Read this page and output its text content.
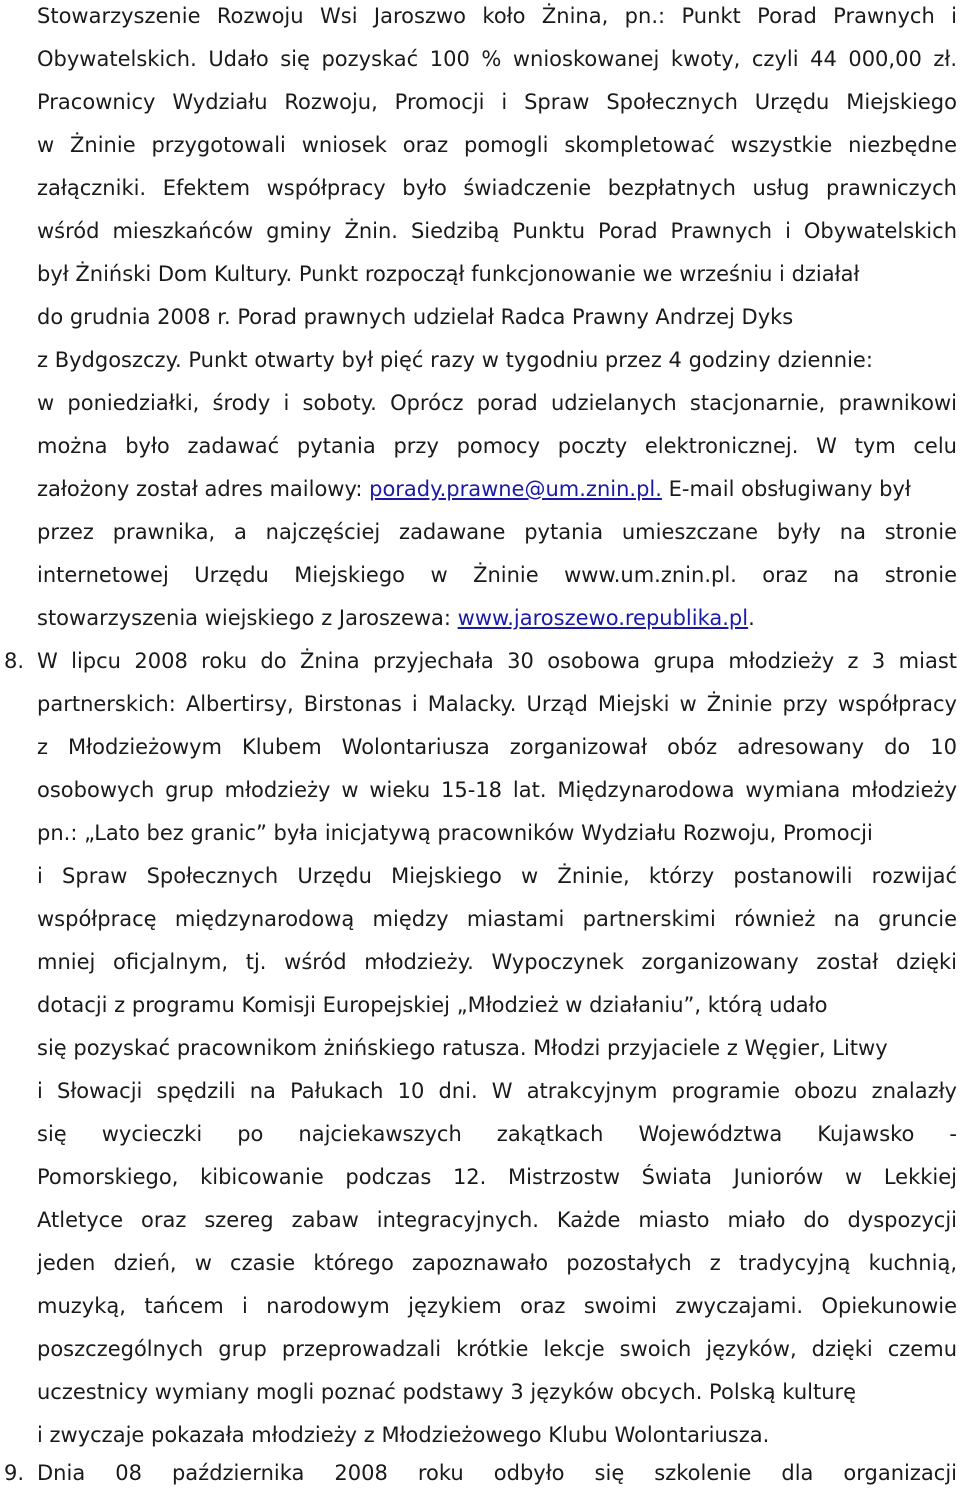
Stowarzyszenie Rozwoju Wsi Jaroszwo koło Żnina, pn.: Punkt Porad Prawnych i
Obywatelskich. Udało się pozyskać 100 % wnioskowanej kwoty, czyli 44 000,00 zł.
Pracownicy Wydziału Rozwoju, Promocji i Spraw Społecznych Urzędu Miejskiego
w Żninie przygotowali wniosek oraz pomogli skompletować wszystkie niezbędne
załączniki. Efektem współpracy było świadczenie bezpłatnych usług prawniczych
wśród mieszkańców gminy Żnin. Siedzibą Punktu Porad Prawnych i Obywatelskich
był Żniński Dom Kultury. Punkt rozpoczął funkcjonowanie we wrześniu i działał
do grudnia 2008 r. Porad prawnych udzielał Radca Prawny Andrzej Dyks
z Bydgoszczy. Punkt otwarty był pięć razy w tygodniu przez 4 godziny dziennie:
w poniedziałki, środy i soboty. Oprócz porad udzielanych stacjonarnie, prawnikowi
można było zadawać pytania przy pomocy poczty elektronicznej. W tym celu
założony został adres mailowy: porady.prawne@um.znin.pl. E-mail obsługiwany był
przez prawnika, a najczęściej zadawane pytania umieszczane były na stronie
internetowej Urzędu Miejskiego w Żninie www.um.znin.pl. oraz na stronie
stowarzyszenia wiejskiego z Jaroszewa: www.jaroszewo.republika.pl.
8. W lipcu 2008 roku do Żnina przyjechała 30 osobowa grupa młodzieży z 3 miast
partnerskich: Albertirsy, Birstonas i Malacky. Urząd Miejski w Żninie przy współpracy
z Młodzieżowym Klubem Wolontariusza zorganizował obóz adresowany do 10
osobowych grup młodzieży w wieku 15-18 lat. Międzynarodowa wymiana młodzieży
pn.: „Lato bez granic” była inicjatywą pracowników Wydziału Rozwoju, Promocji
i Spraw Społecznych Urzędu Miejskiego w Żninie, którzy postanowili rozwijać
współpracę międzynarodową między miastami partnerskimi również na gruncie
mniej oficjalnym, tj. wśród młodzieży. Wypoczynek zorganizowany został dzięki
dotacji z programu Komisji Europejskiej „Młodzież w działaniu”, którą udało
się pozyskać pracownikom żnińskiego ratusza. Młodzi przyjaciele z Węgier, Litwy
i Słowacji spędzili na Pałukach 10 dni. W atrakcyjnym programie obozu znalazły
się wycieczki po najciekawszych zakątkach Województwa Kujawsko -
Pomorskiego, kibicowanie podczas 12. Mistrzostw Świata Juniorów w Lekkiej
Atletyce oraz szereg zabaw integracyjnych. Każde miasto miało do dyspozycji
jeden dzień, w czasie którego zapoznawało pozostałych z tradycyjną kuchnią,
muzyką, tańcem i narodowym językiem oraz swoimi zwyczajami. Opiekunowie
poszczególnych grup przeprowadzali krótkie lekcje swoich języków, dzięki czemu
uczestnicy wymiany mogli poznać podstawy 3 języków obcych. Polską kulturę
i zwyczaje pokazała młodzieży z Młodzieżowego Klubu Wolontariusza.
9. Dnia 08 października 2008 roku odbyło się szkolenie dla organizacji
